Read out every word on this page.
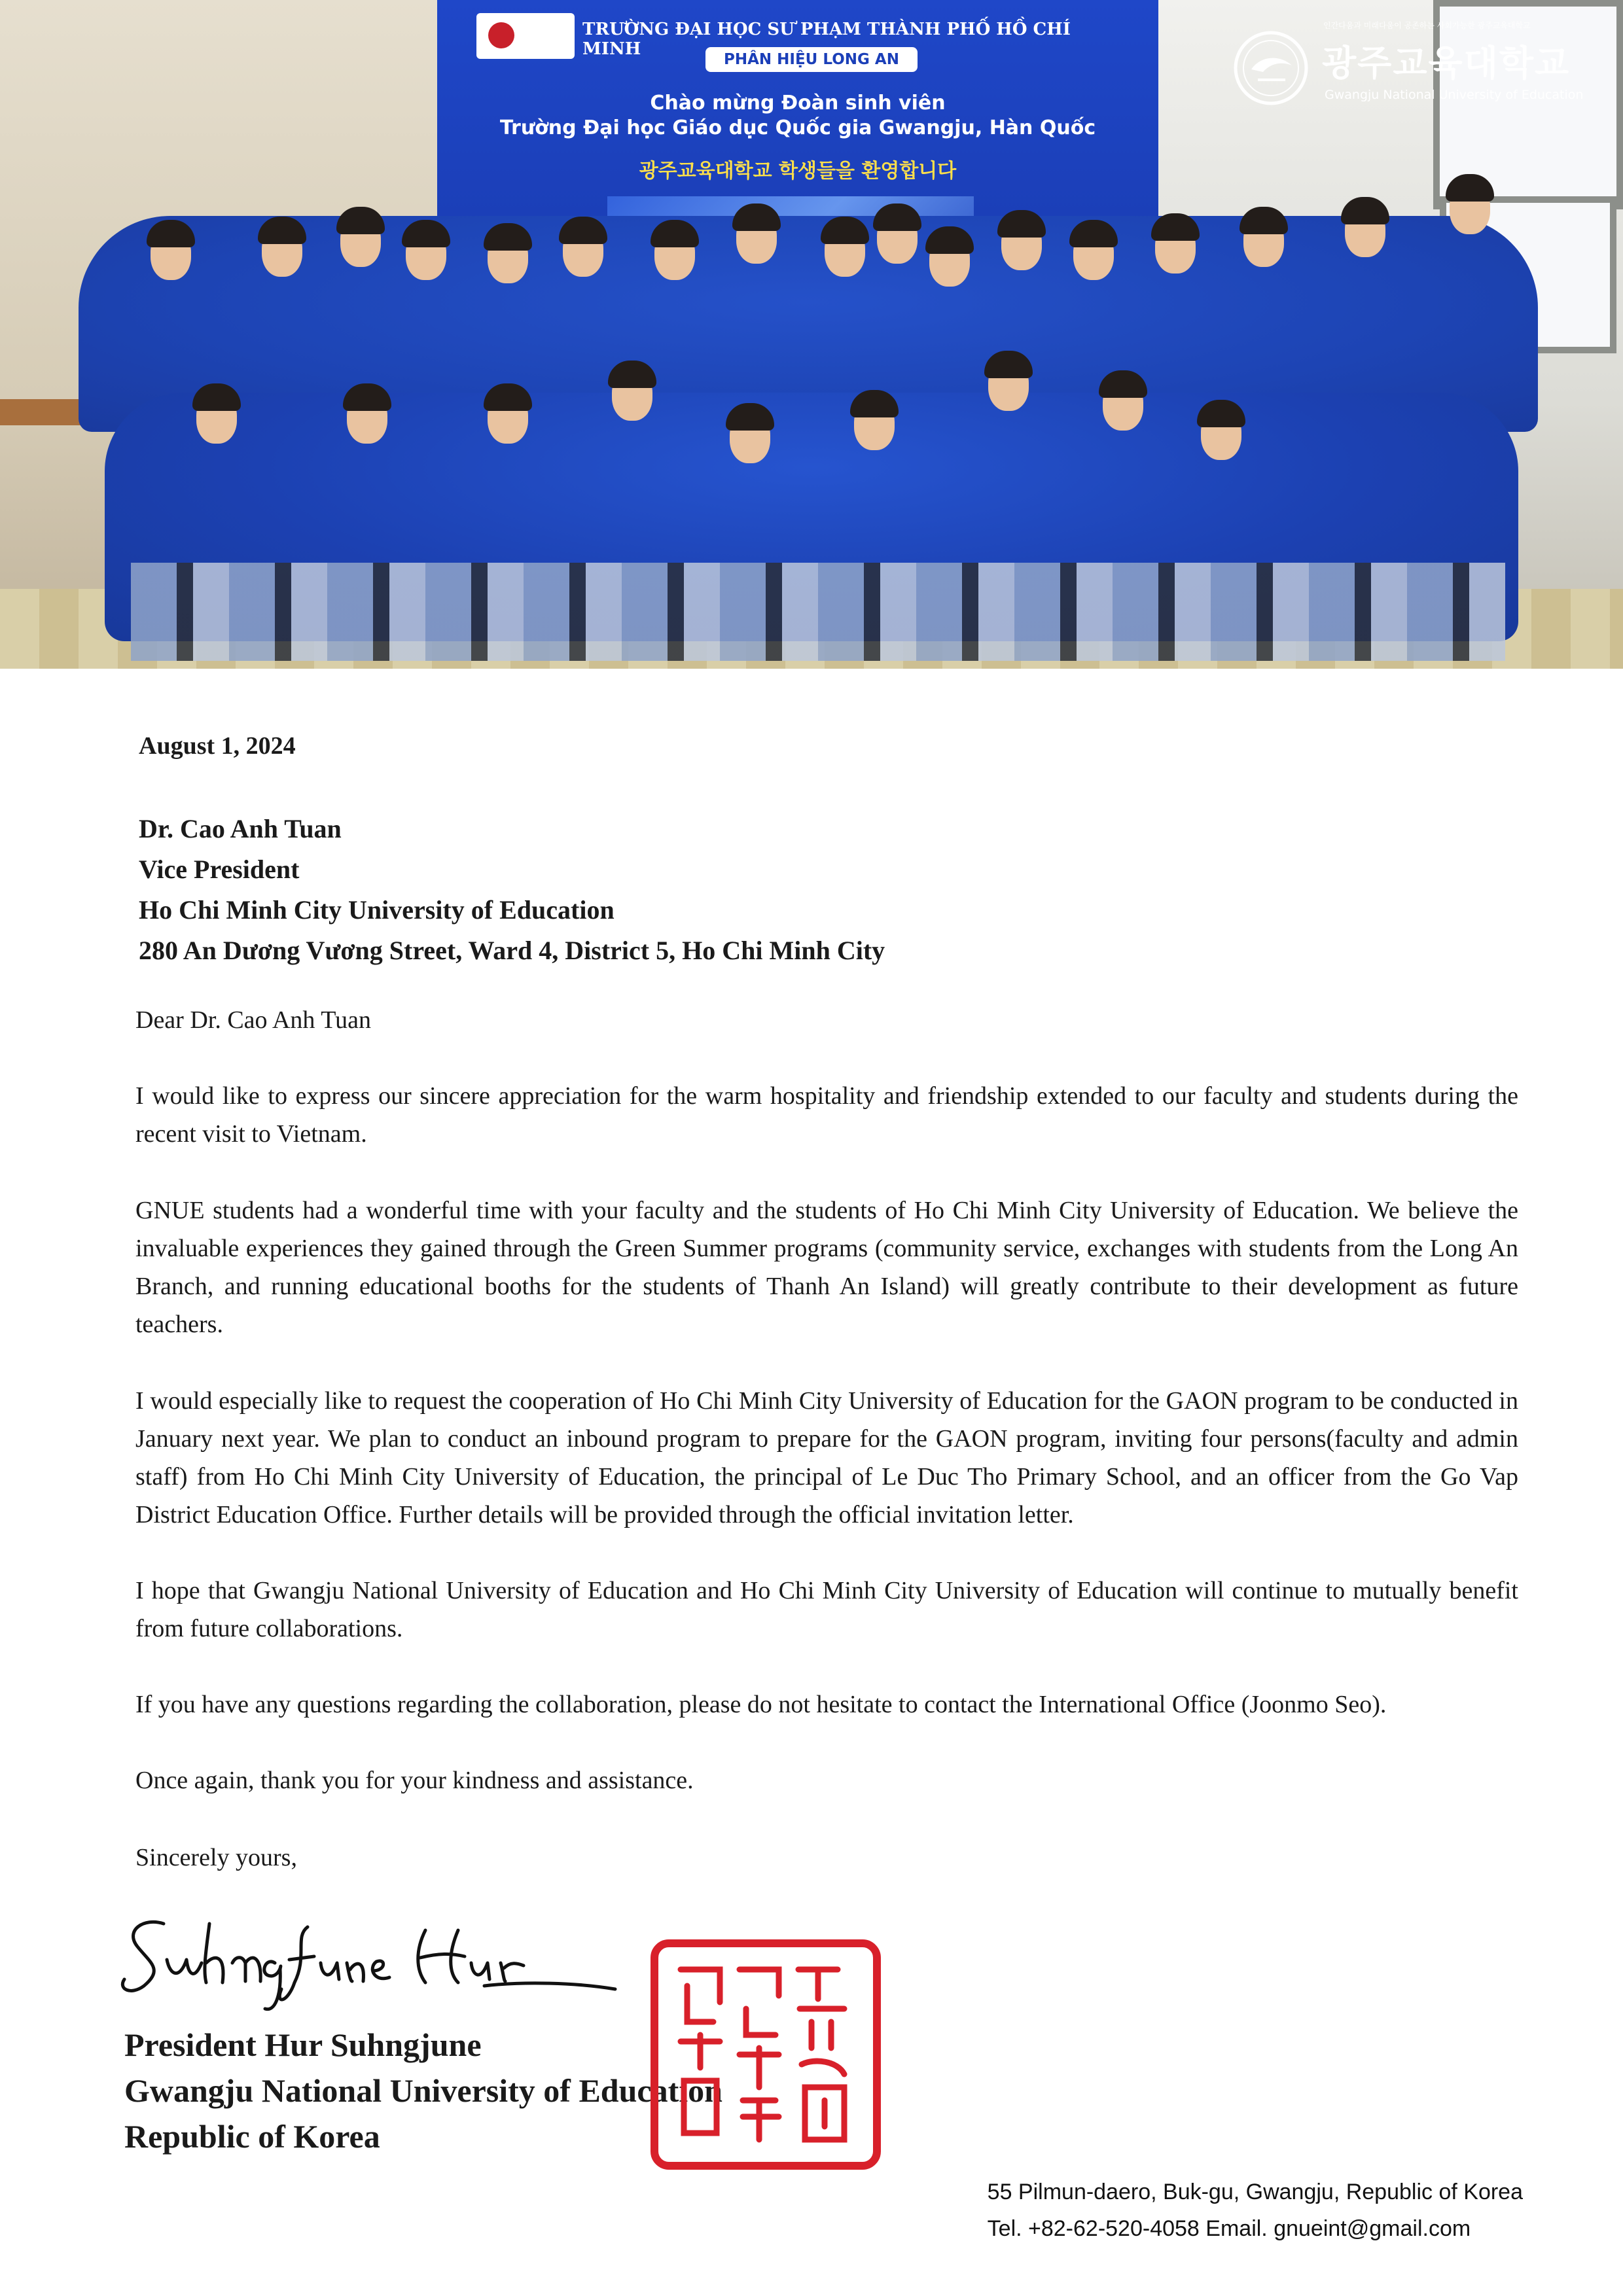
TRƯỜNG ĐẠI HỌC SƯ PHẠM THÀNH PHỐ HỒ CHÍ MINH
PHÂN HIỆU LONG AN
Chào mừng Đoàn sinh viên
Trường Đại học Giáo dục Quốc gia Gwangju, Hàn Quốc
광주교육대학교 학생들을 환영합니다
인간다움과 미래다움이 공존하는 사회가능한 광주교육대학교
광주교육대학교
Gwangju National University of Education
August 1, 2024
Dr. Cao Anh Tuan
Vice President
Ho Chi Minh City University of Education
280 An Dương Vương Street, Ward 4, District 5, Ho Chi Minh City
Dear Dr. Cao Anh Tuan
I would like to express our sincere appreciation for the warm hospitality and friendship extended to our faculty and students during the recent visit to Vietnam.
GNUE students had a wonderful time with your faculty and the students of Ho Chi Minh City University of Education. We believe the invaluable experiences they gained through the Green Summer programs (community service, exchanges with students from the Long An Branch, and running educational booths for the students of Thanh An Island) will greatly contribute to their development as future teachers.
I would especially like to request the cooperation of Ho Chi Minh City University of Education for the GAON program to be conducted in January next year. We plan to conduct an inbound program to prepare for the GAON program, inviting four persons(faculty and admin staff) from Ho Chi Minh City University of Education, the principal of Le Duc Tho Primary School, and an officer from the Go Vap District Education Office. Further details will be provided through the official invitation letter.
I hope that Gwangju National University of Education and Ho Chi Minh City University of Education will continue to mutually benefit from future collaborations.
If you have any questions regarding the collaboration, please do not hesitate to contact the International Office (Joonmo Seo).
Once again, thank you for your kindness and assistance.
Sincerely yours,
President Hur Suhngjune
Gwangju National University of Education
Republic of Korea
55 Pilmun-daero, Buk-gu, Gwangju, Republic of Korea
Tel. +82-62-520-4058 Email. gnueint@gmail.com
